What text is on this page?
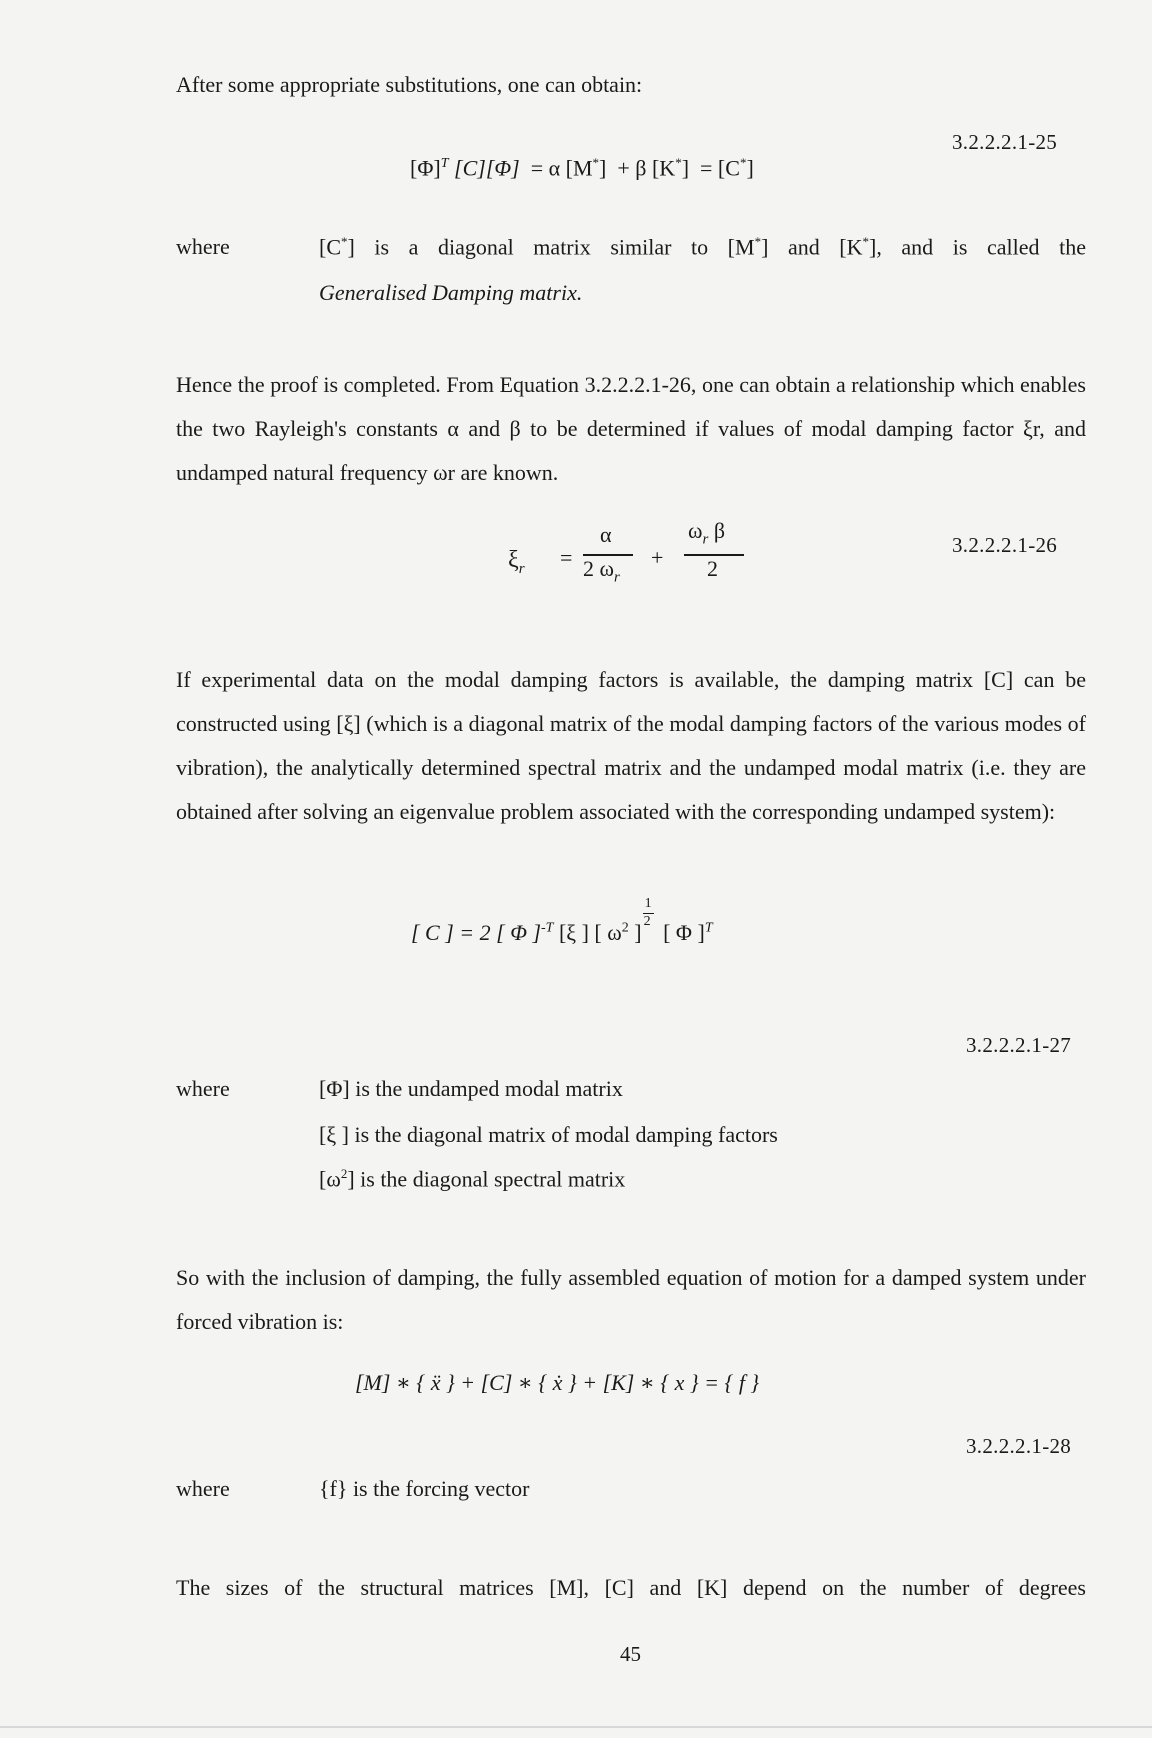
After some appropriate substitutions, one can obtain:
$[\Phi]^T$ [C][Φ] = α [M*] + β [K*] = [C*]
3.2.2.2.1-25
where	[C*] is a diagonal matrix similar to [M*] and [K*], and is called the
Generalised Damping matrix.
Hence the proof is completed. From Equation 3.2.2.2.1-26, one can obtain a relationship which enables the two Rayleigh's constants α and β to be determined if values of modal damping factor ξr, and undamped natural frequency ωr are known.
$\xi_r$ =
α
2 $\omega_r$
+
$\omega_r$ β
2
3.2.2.2.1-26
If experimental data on the modal damping factors is available, the damping matrix [C] can be constructed using [ξ] (which is a diagonal matrix of the modal damping factors of the various modes of vibration), the analytically determined spectral matrix and the undamped modal matrix (i.e. they are obtained after solving an eigenvalue problem associated with the corresponding undamped system):
[ C ] = 2 [ Φ ]$^{-T}$ [ξ ] [ $\omega^2$ ] $\frac{1}{2}$ [ Φ ]$^T$
3.2.2.2.1-27
where	[Φ] is the undamped modal matrix
[ξ ] is the diagonal matrix of modal damping factors
$[\omega^2]$ is the diagonal spectral matrix
So with the inclusion of damping, the fully assembled equation of motion for a damped system under forced vibration is:
[M] ∗ { ẍ } + [C] ∗ { ẋ } + [K] ∗ { x } = { f }
3.2.2.2.1-28
where	{f} is the forcing vector
The sizes of the structural matrices [M], [C] and [K] depend on the number of degrees
45
